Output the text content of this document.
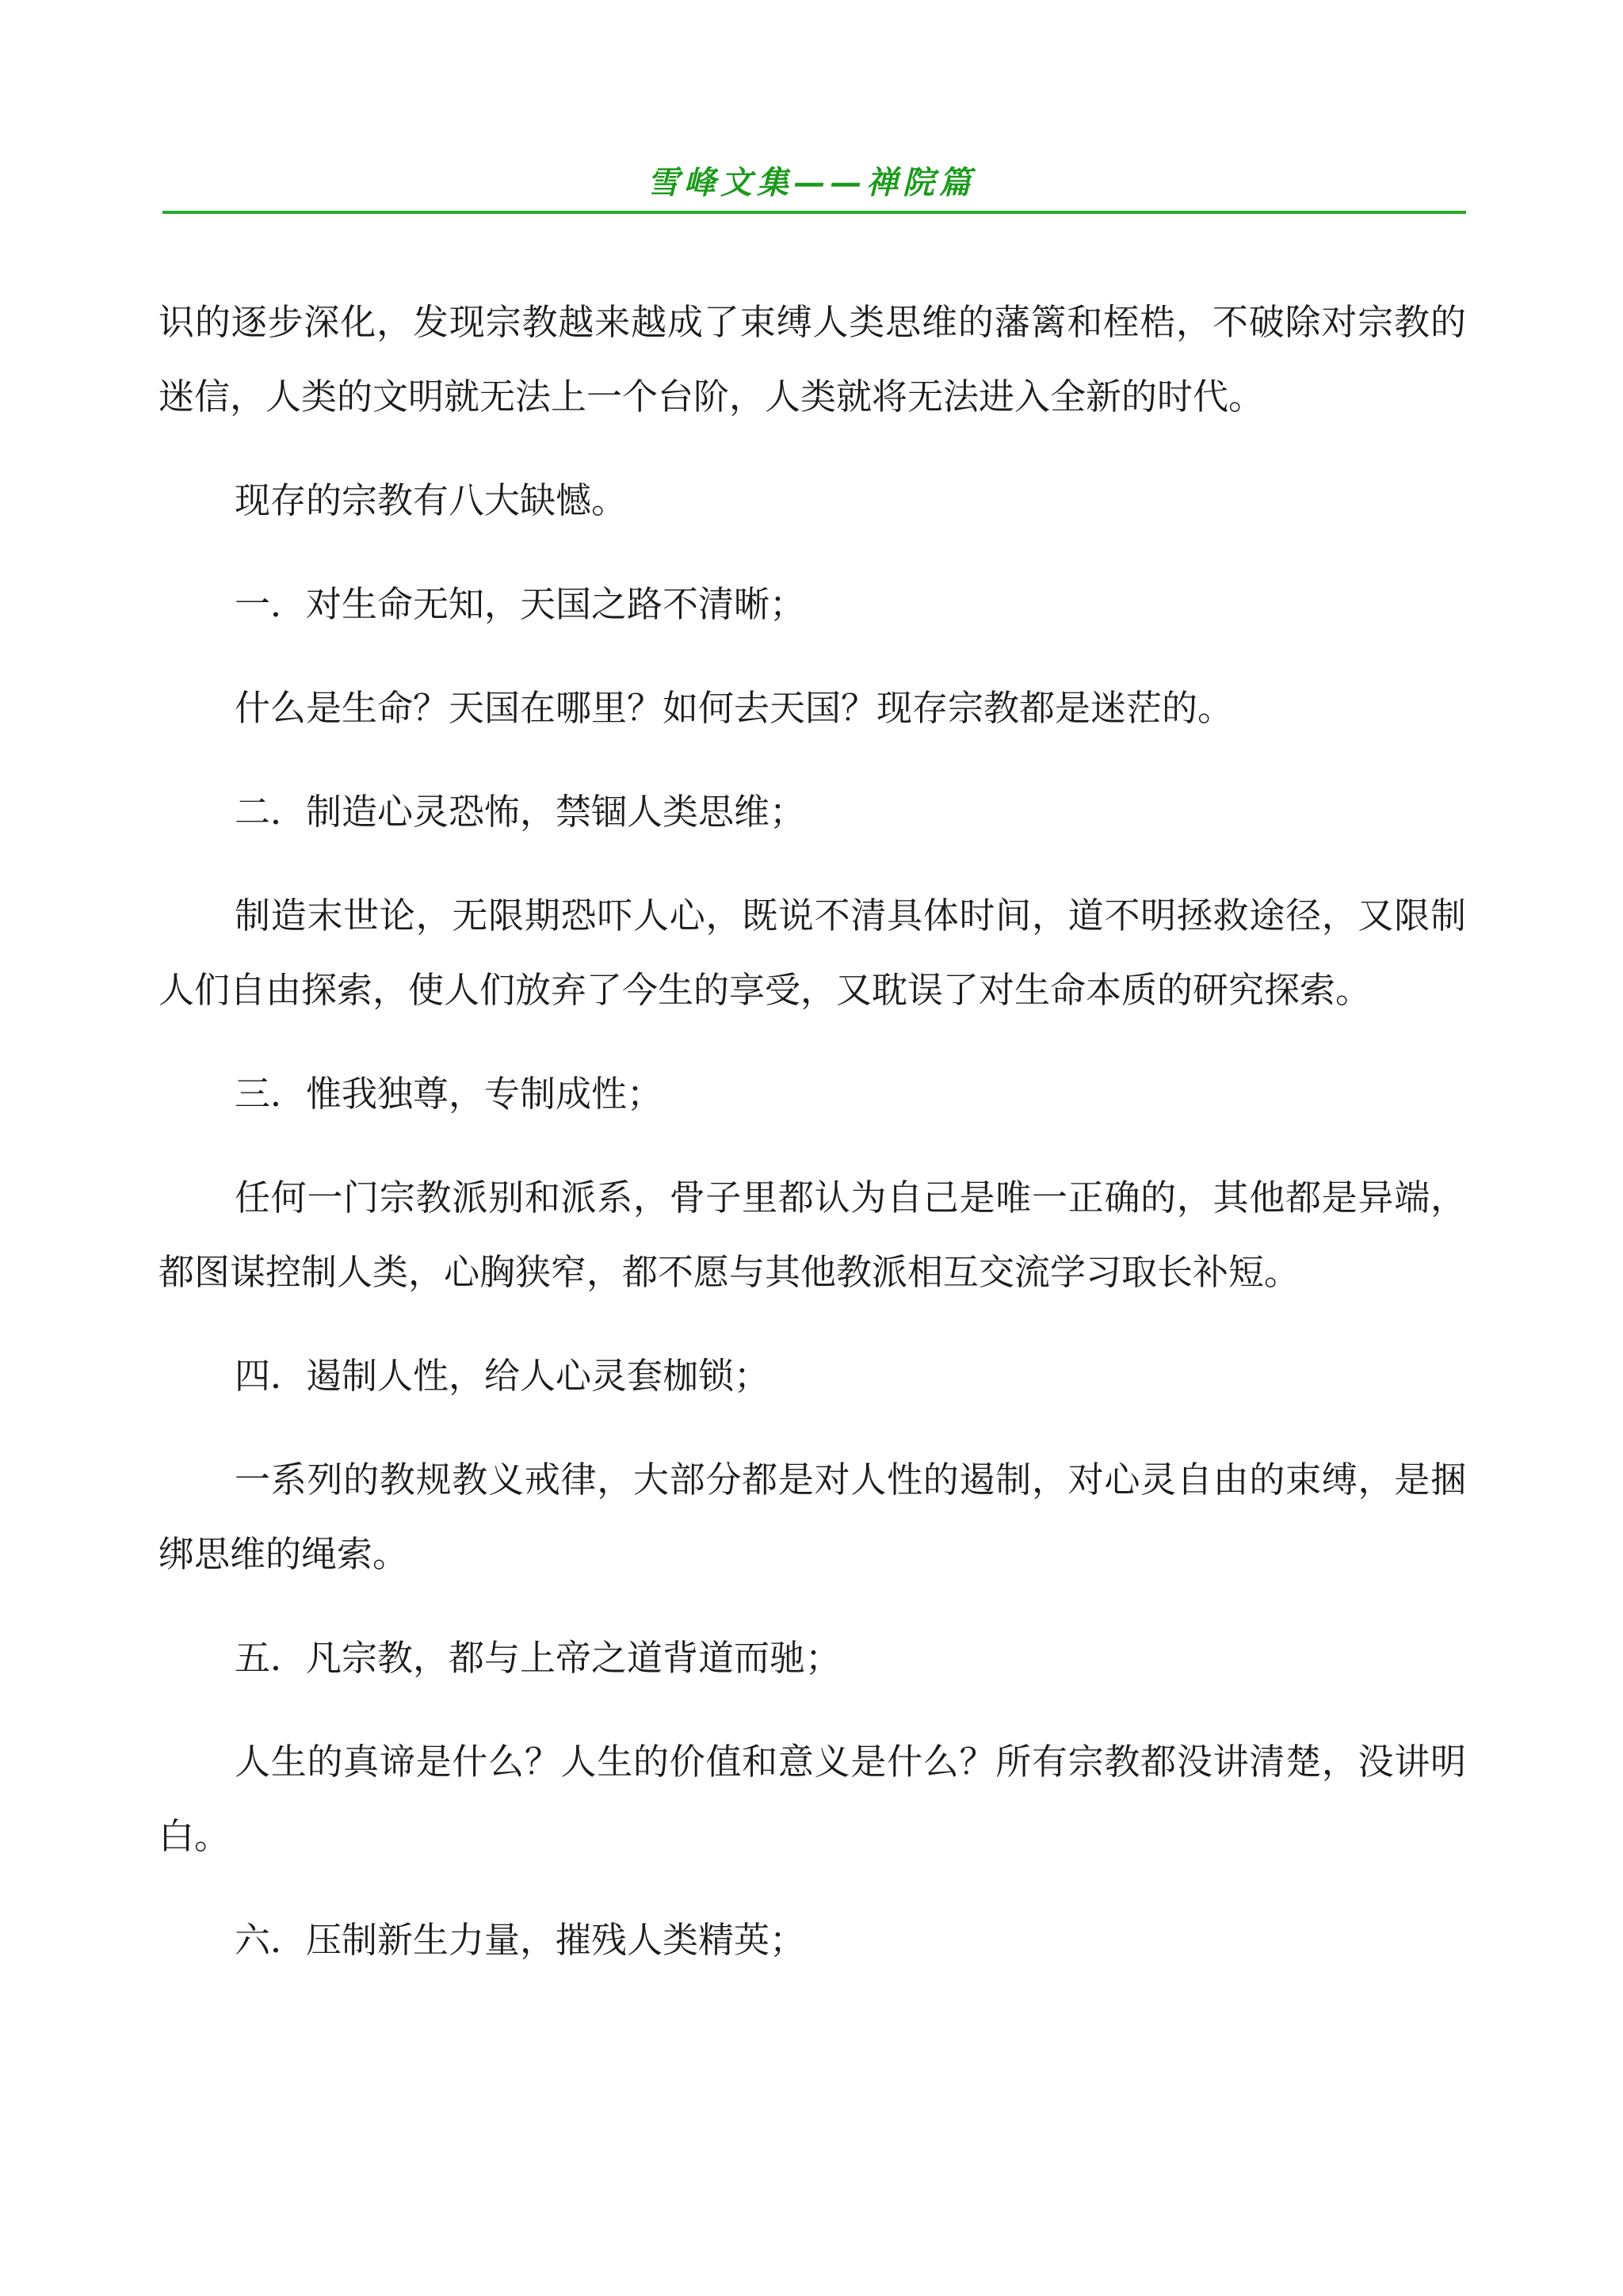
雪峰文集——禅院篇

识的逐步深化，发现宗教越来越成了束缚人类思维的藩篱和桎梏，不破除对宗教的迷信，人类的文明就无法上一个台阶，人类就将无法进入全新的时代。

现存的宗教有八大缺憾。

一．对生命无知，天国之路不清晰；

什么是生命？天国在哪里？如何去天国？现存宗教都是迷茫的。

二．制造心灵恐怖，禁锢人类思维；

制造末世论，无限期恐吓人心，既说不清具体时间，道不明拯救途径，又限制人们自由探索，使人们放弃了今生的享受，又耽误了对生命本质的研究探索。

三．惟我独尊，专制成性；

任何一门宗教派别和派系，骨子里都认为自己是唯一正确的，其他都是异端，都图谋控制人类，心胸狭窄，都不愿与其他教派相互交流学习取长补短。

四．遏制人性，给人心灵套枷锁；

一系列的教规教义戒律，大部分都是对人性的遏制，对心灵自由的束缚，是捆绑思维的绳索。

五．凡宗教，都与上帝之道背道而驰；

人生的真谛是什么？人生的价值和意义是什么？所有宗教都没讲清楚，没讲明白。

六．压制新生力量，摧残人类精英；
